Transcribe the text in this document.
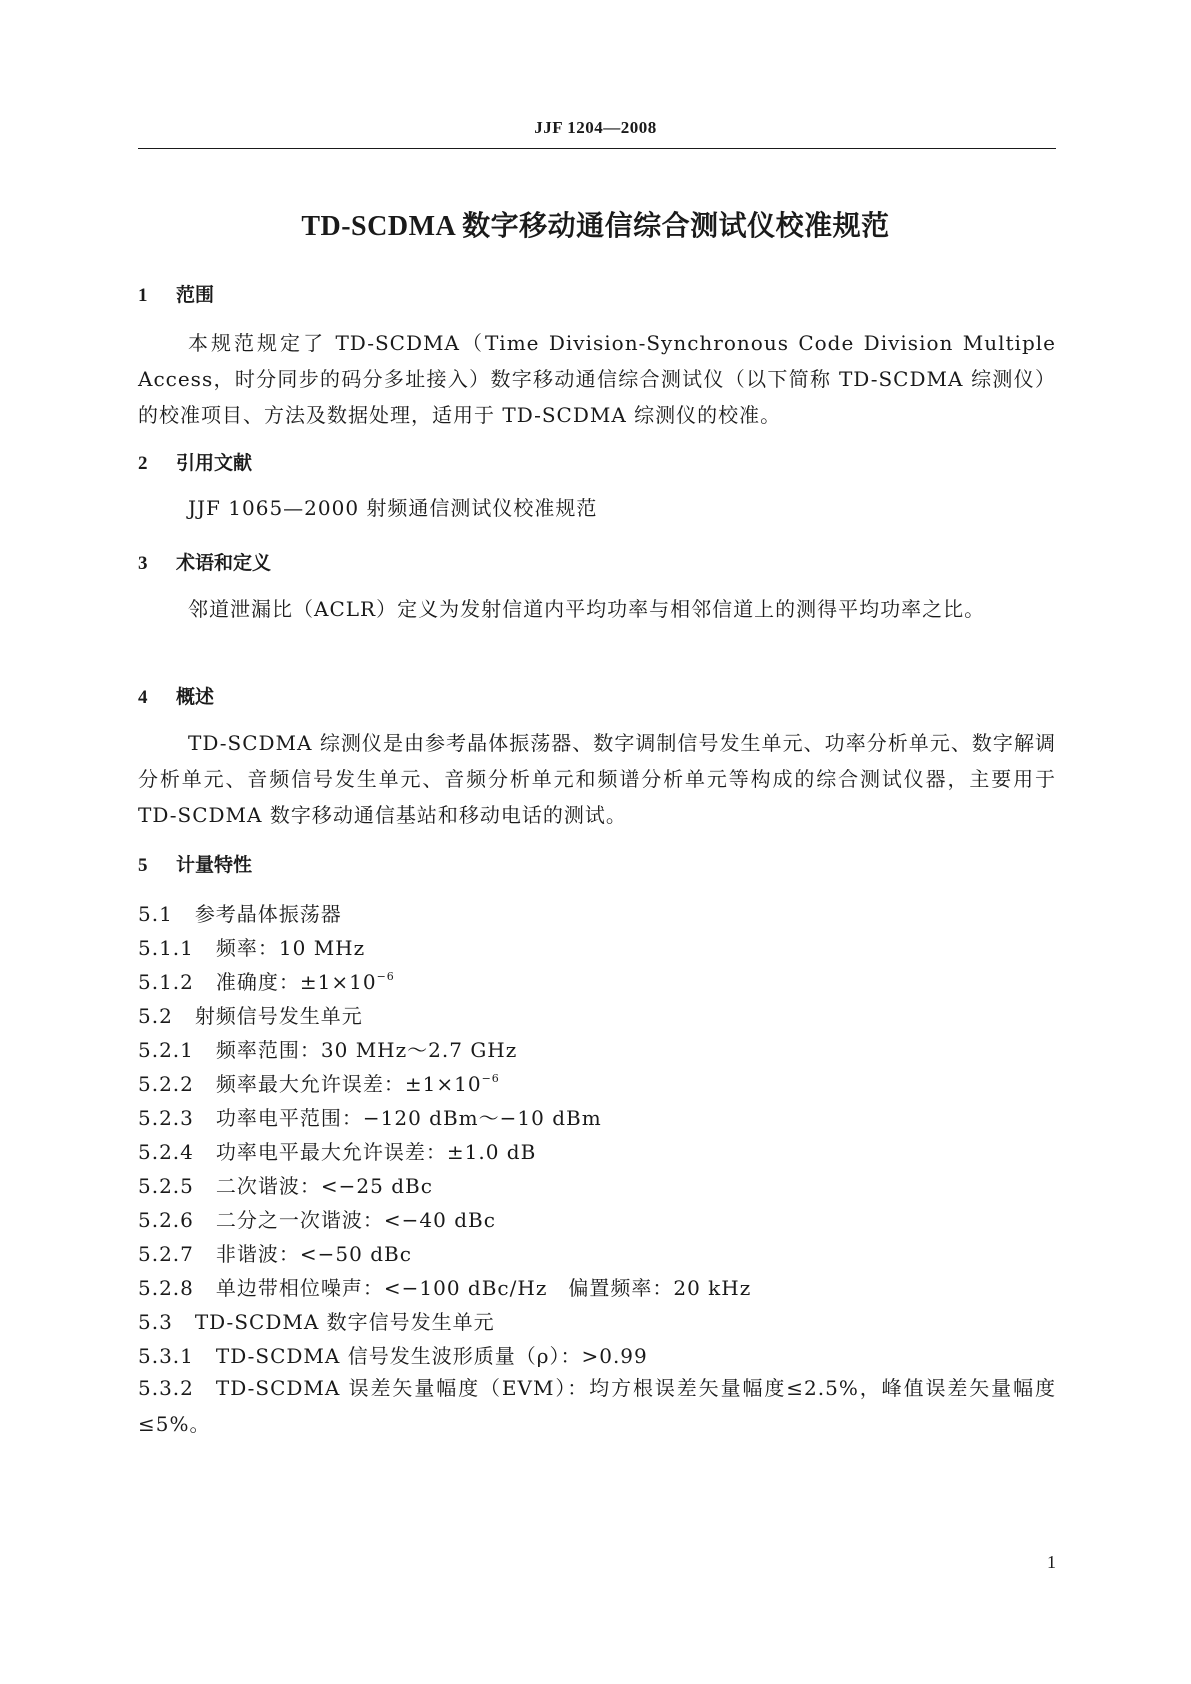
JJF 1204—2008
TD-SCDMA 数字移动通信综合测试仪校准规范
1 范围
本规范规定了 TD-SCDMA（Time Division-Synchronous Code Division Multiple Access，时分同步的码分多址接入）数字移动通信综合测试仪（以下简称 TD-SCDMA 综测仪）的校准项目、方法及数据处理，适用于 TD-SCDMA 综测仪的校准。
2 引用文献
JJF 1065—2000 射频通信测试仪校准规范
3 术语和定义
邻道泄漏比（ACLR）定义为发射信道内平均功率与相邻信道上的测得平均功率之比。
4 概述
TD-SCDMA 综测仪是由参考晶体振荡器、数字调制信号发生单元、功率分析单元、数字解调分析单元、音频信号发生单元、音频分析单元和频谱分析单元等构成的综合测试仪器，主要用于 TD-SCDMA 数字移动通信基站和移动电话的测试。
5 计量特性
5.1 参考晶体振荡器
5.1.1 频率：10 MHz
5.1.2 准确度：$\pm 1\times 10^{-6}$
5.2 射频信号发生单元
5.2.1 频率范围：30 MHz～2.7 GHz
5.2.2 频率最大允许误差：$\pm 1\times 10^{-6}$
5.2.3 功率电平范围：−120 dBm～−10 dBm
5.2.4 功率电平最大允许误差：±1.0 dB
5.2.5 二次谐波：<−25 dBc
5.2.6 二分之一次谐波：<−40 dBc
5.2.7 非谐波：<−50 dBc
5.2.8 单边带相位噪声：<−100 dBc/Hz　偏置频率：20 kHz
5.3 TD-SCDMA 数字信号发生单元
5.3.1 TD-SCDMA 信号发生波形质量（ρ）：>0.99
5.3.2 TD-SCDMA 误差矢量幅度（EVM）：均方根误差矢量幅度≤2.5%，峰值误差矢量幅度≤5%。
1
